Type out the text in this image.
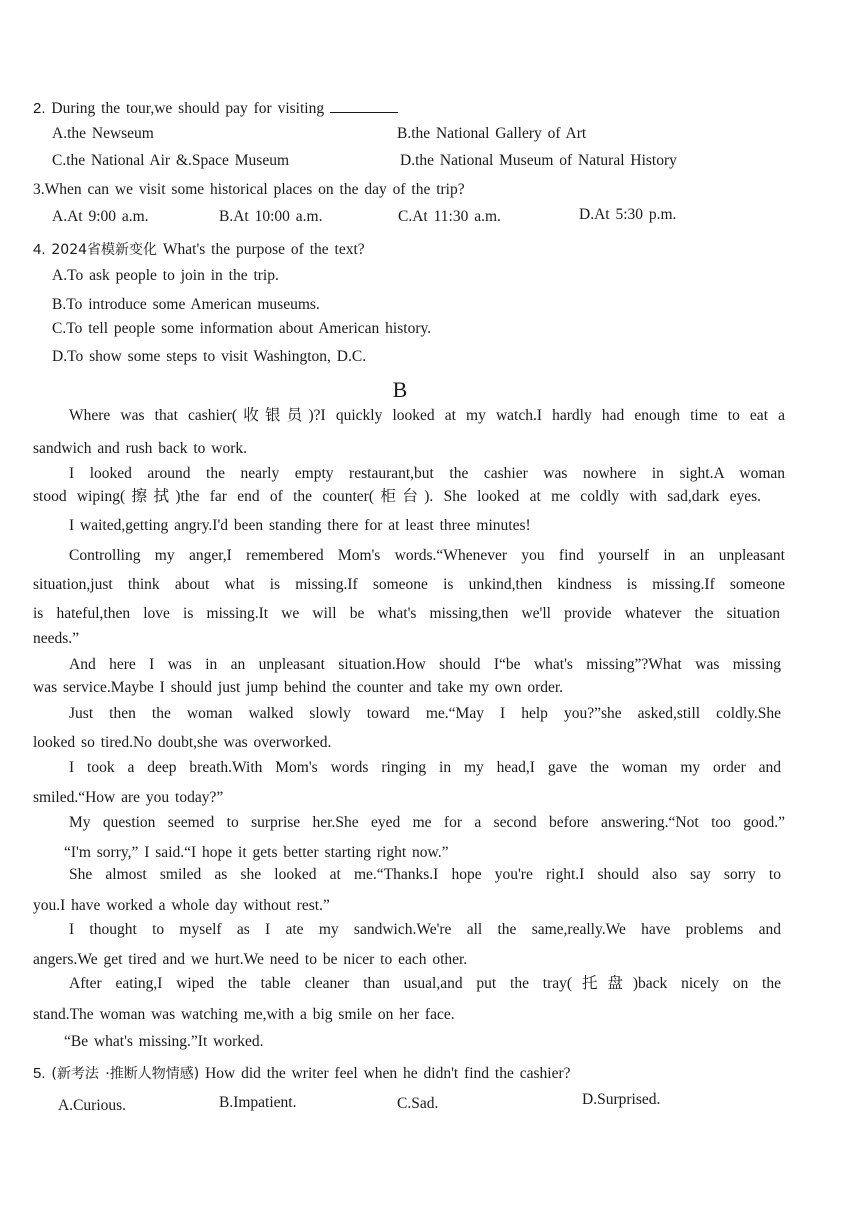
2. During the tour,we should pay for visiting
A.the Newseum	B.the National Gallery of Art
C.the National Air &.Space Museum	D.the National Museum of Natural History
3.When can we visit some historical places on the day of the trip?
A.At 9:00 a.m.	B.At 10:00 a.m.	C.At 11:30 a.m.	D.At 5:30 p.m.
4. 2024省模新变化 What's the purpose of the text?
A.To ask people to join in the trip.
B.To introduce some American museums.
C.To tell people some information about American history.
D.To show some steps to visit Washington, D.C.
B
Where was that cashier(收银员)?I quickly looked at my watch.I hardly had enough time to eat a
sandwich and rush back to work.
I looked around the nearly empty restaurant,but the cashier was nowhere in sight.A woman
stood wiping(擦拭)the far end of the counter(柜台). She looked at me coldly with sad,dark eyes.
I waited,getting angry.I'd been standing there for at least three minutes!
Controlling my anger,I remembered Mom's words.“Whenever you find yourself in an unpleasant
situation,just think about what is missing.If someone is unkind,then kindness is missing.If someone
is hateful,then love is missing.It we will be what's missing,then we'll provide whatever the situation
needs.”
And here I was in an unpleasant situation.How should I“be what's missing”?What was missing
was service.Maybe I should just jump behind the counter and take my own order.
Just then the woman walked slowly toward me.“May I help you?”she asked,still coldly.She
looked so tired.No doubt,she was overworked.
I took a deep breath.With Mom's words ringing in my head,I gave the woman my order and
smiled.“How are you today?”
My question seemed to surprise her.She eyed me for a second before answering.“Not too good.”
“I'm sorry,” I said.“I hope it gets better starting right now.”
She almost smiled as she looked at me.“Thanks.I hope you're right.I should also say sorry to
you.I have worked a whole day without rest.”
I thought to myself as I ate my sandwich.We're all the same,really.We have problems and
angers.We get tired and we hurt.We need to be nicer to each other.
After eating,I wiped the table cleaner than usual,and put the tray(托盘)back nicely on the
stand.The woman was watching me,with a big smile on her face.
“Be what's missing.”It worked.
5. (新考法 ·推断人物情感) How did the writer feel when he didn't find the cashier?
A.Curious.	B.Impatient.	C.Sad.	D.Surprised.
